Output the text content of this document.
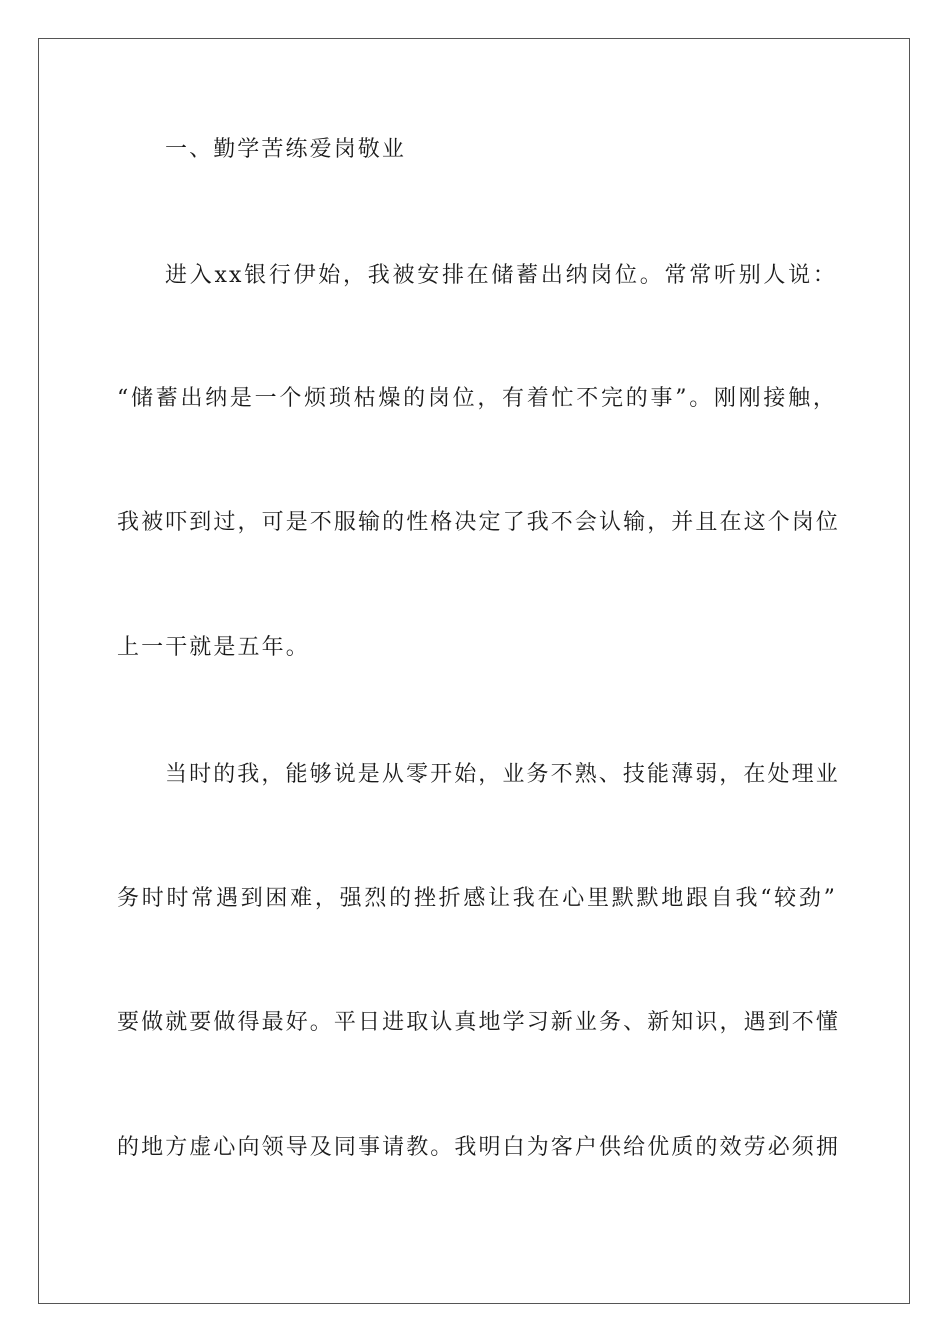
一、勤学苦练爱岗敬业
进入xx银行伊始，我被安排在储蓄出纳岗位。常常听别人说：
“储蓄出纳是一个烦琐枯燥的岗位，有着忙不完的事”。刚刚接触，
我被吓到过，可是不服输的性格决定了我不会认输，并且在这个岗位
上一干就是五年。
当时的我，能够说是从零开始，业务不熟、技能薄弱，在处理业
务时时常遇到困难，强烈的挫折感让我在心里默默地跟自我“较劲”
要做就要做得最好。平日进取认真地学习新业务、新知识，遇到不懂
的地方虚心向领导及同事请教。我明白为客户供给优质的效劳必须拥
